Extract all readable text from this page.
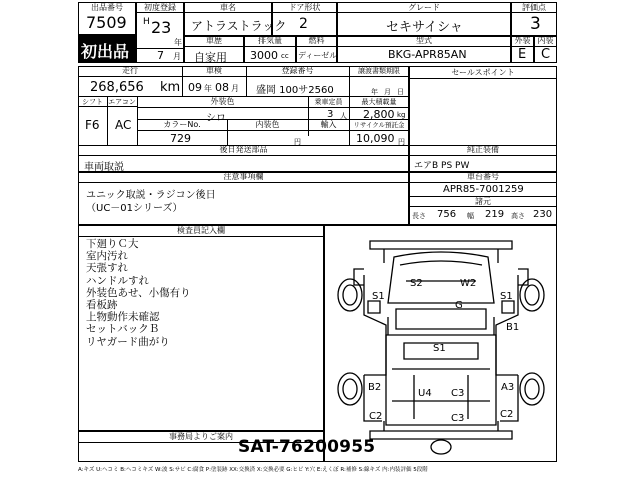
出品番号
7509
初出品
初度登録
H 23
年
7 月
車名
アトラストラック
ドア形状
2
グレード
セキサイシャ
評価点
3
車歴
自家用
排気量
3000 cc
燃料
ディーゼル
型式
BKG-APR85AN
外装
E
内装
C
走行	車検	登録番号	譲渡書類期限
268,656 km 09 年 08 月 盛岡 100サ2560	年 月 日
シフト エアコン
F6 AC
外装色
シロ
乗車定員	最大積載量
3 人 2,800 kg
カラーNo.	内装色	輸入	リサイクル預託金
729	円	10,090 円
セールスポイント
後日発送部品
車両取説
純正装備
エアB PS PW
注意事項欄
ユニック取説・ラジコン後日
（UC－01シリーズ）
車台番号
APR85-7001259
諸元
長さ 756 幅 219 高さ 230
検査員記入欄
下廻りＣ大
室内汚れ
天張すれ
ハンドルすれ
外装色あせ、小傷有り
看板跡
上物動作未確認
セットバックＢ
リヤガード曲がり
事務局よりご案内
S2	W2
S1
G
S1
B1
S1
B2
U4 C3
A3
C2	C3	C2
SAT-76200955
A:キズ U:ヘコミ B:ヘコミキズ W:波 S:サビ C:腐食 P:塗装跡 XX:交換済 X:交換必要 G:ヒビ Y:穴 E:えくぼ R:補修 S:線キズ 内:内装評価 5段階
